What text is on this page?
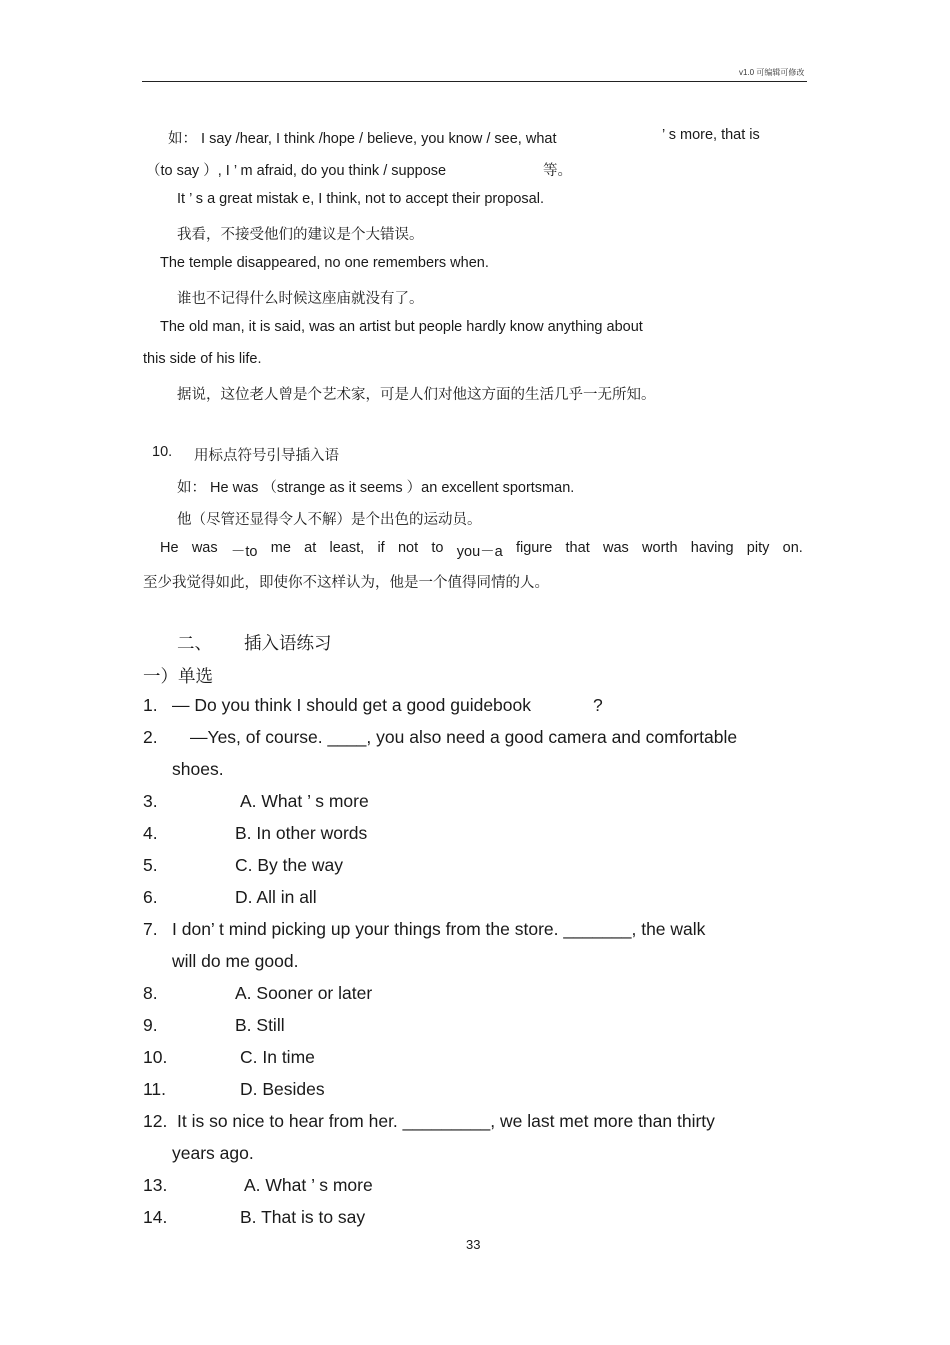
v1.0 可编辑可修改
如： I say /hear, I think /hope / believe, you know / see, what	’ s more, that is
（to say ）, I ’ m afraid, do you think / suppose	等。
It ’ s a great mistak e, I think, not to accept their proposal.
我看，不接受他们的建议是个大错误。
The temple disappeared, no one remembers when.
谁也不记得什么时候这座庙就没有了。
The old man, it is said, was an artist but people hardly know anything about
this side of his life.
据说，这位老人曾是个艺术家，可是人们对他这方面的生活几乎一无所知。
10. 用标点符号引导插入语
如： He was （strange as it seems ）an excellent sportsman.
他（尽管还显得令人不解）是个出色的运动员。
He was －to me at least, if not to you－a figure that was worth having pity on.
至少我觉得如此，即使你不这样认为，他是一个值得同情的人。
二、 插入语练习
一）单选
1. — Do you think I should get a good guidebook	?
2. —Yes, of course. ____, you also need a good camera and comfortable
shoes.
3.	A. What ’ s more
4.	B. In other words
5.	C. By the way
6.	D. All in all
7. I don’ t mind picking up your things from the store. _______, the walk
will do me good.
8.	A. Sooner or later
9.	B. Still
10.	C. In time
11.	D. Besides
12. It is so nice to hear from her. _________, we last met more than thirty
years ago.
13.	A. What ’ s more
14.	B. That is to say
33
